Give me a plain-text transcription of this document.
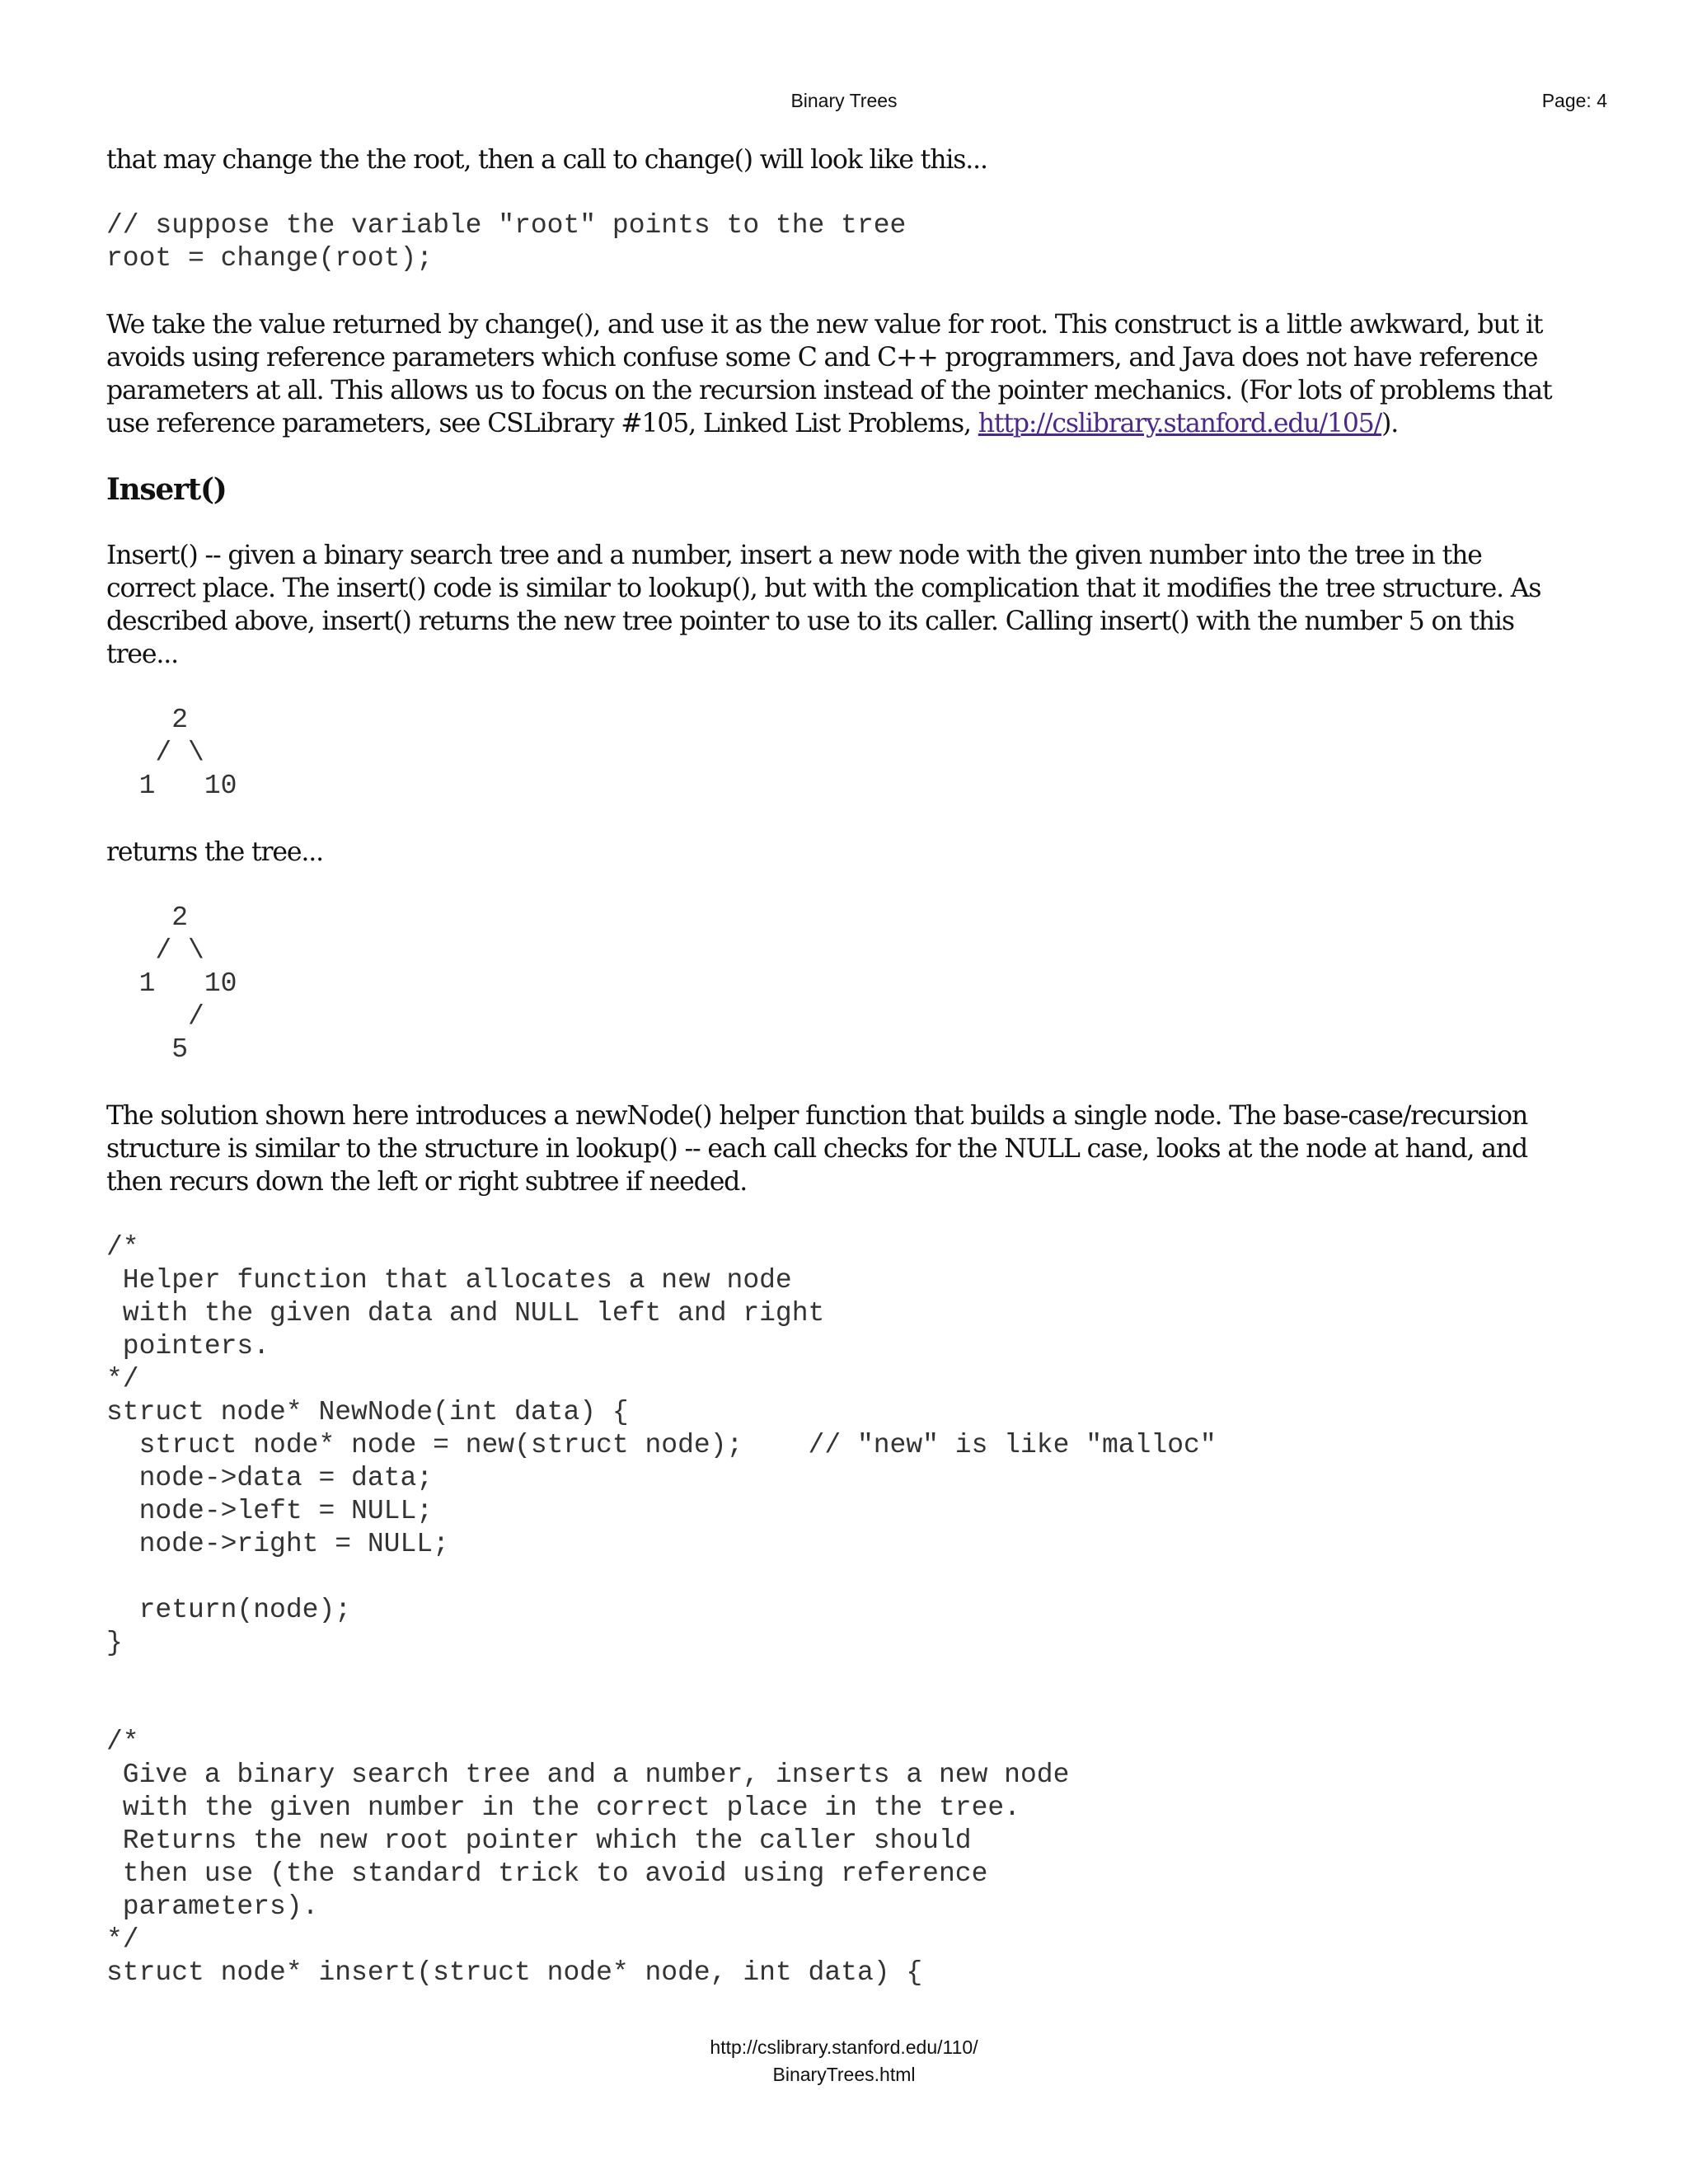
Binary Trees	Page: 4

that may change the the root, then a call to change() will look like this...

// suppose the variable "root" points to the tree
root = change(root);

We take the value returned by change(), and use it as the new value for root. This construct is a little awkward, but it avoids using reference parameters which confuse some C and C++ programmers, and Java does not have reference parameters at all. This allows us to focus on the recursion instead of the pointer mechanics. (For lots of problems that use reference parameters, see CSLibrary #105, Linked List Problems, http://cslibrary.stanford.edu/105/).

Insert()

Insert() -- given a binary search tree and a number, insert a new node with the given number into the tree in the correct place. The insert() code is similar to lookup(), but with the complication that it modifies the tree structure. As described above, insert() returns the new tree pointer to use to its caller. Calling insert() with the number 5 on this tree...

2
/ \
1   10

returns the tree...

2
/ \
1   10
/
5

The solution shown here introduces a newNode() helper function that builds a single node. The base-case/recursion structure is similar to the structure in lookup() -- each call checks for the NULL case, looks at the node at hand, and then recurs down the left or right subtree if needed.

/*
Helper function that allocates a new node
with the given data and NULL left and right
pointers.
*/
struct node* NewNode(int data) {
struct node* node = new(struct node);    // "new" is like "malloc"
node->data = data;
node->left = NULL;
node->right = NULL;

return(node);
}
/*
Give a binary search tree and a number, inserts a new node
with the given number in the correct place in the tree.
Returns the new root pointer which the caller should
then use (the standard trick to avoid using reference
parameters).
*/
struct node* insert(struct node* node, int data) {
http://cslibrary.stanford.edu/110/
BinaryTrees.html
